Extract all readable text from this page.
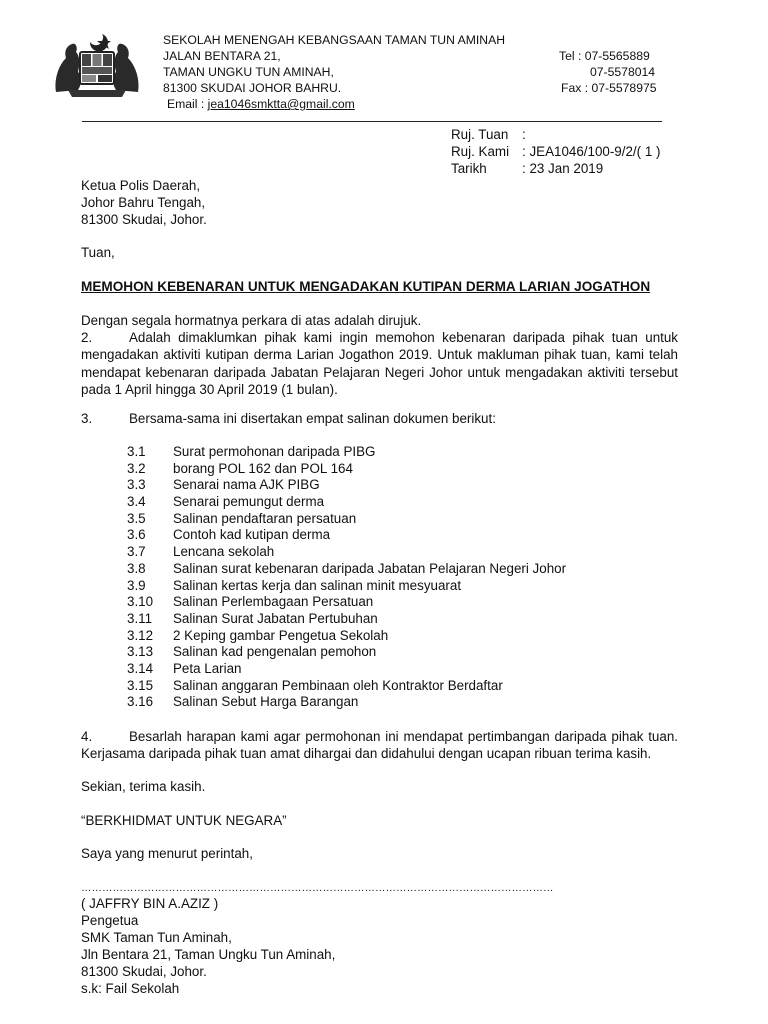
SEKOLAH MENENGAH KEBANGSAAN TAMAN TUN AMINAH
JALAN BENTARA 21,
TAMAN UNGKU TUN AMINAH,
81300 SKUDAI JOHOR BAHRU.
Email : jea1046smktta@gmail.com
Tel : 07-5565889
07-5578014
Fax : 07-5578975
Ruj. Tuan :
Ruj. Kami : JEA1046/100-9/2/( 1 )
Tarikh	: 23 Jan 2019
Ketua Polis Daerah,
Johor Bahru Tengah,
81300 Skudai, Johor.
Tuan,
MEMOHON KEBENARAN UNTUK MENGADAKAN KUTIPAN DERMA LARIAN JOGATHON
Dengan segala hormatnya perkara di atas adalah dirujuk.
2.	Adalah dimaklumkan pihak kami ingin memohon kebenaran daripada pihak tuan untuk mengadakan aktiviti kutipan derma Larian Jogathon 2019. Untuk makluman pihak tuan, kami telah mendapat kebenaran daripada Jabatan Pelajaran Negeri Johor untuk mengadakan aktiviti tersebut pada 1 April hingga 30 April 2019 (1 bulan).
3.	Bersama-sama ini disertakan empat salinan dokumen berikut:
3.1 Surat permohonan daripada PIBG
3.2 borang POL 162 dan POL 164
3.3 Senarai nama AJK PIBG
3.4 Senarai pemungut derma
3.5 Salinan pendaftaran persatuan
3.6 Contoh kad kutipan derma
3.7 Lencana sekolah
3.8 Salinan surat kebenaran daripada Jabatan Pelajaran Negeri Johor
3.9 Salinan kertas kerja dan salinan minit mesyuarat
3.10 Salinan Perlembagaan Persatuan
3.11 Salinan Surat Jabatan Pertubuhan
3.12 2 Keping gambar Pengetua Sekolah
3.13 Salinan kad pengenalan pemohon
3.14 Peta Larian
3.15 Salinan anggaran Pembinaan oleh Kontraktor Berdaftar
3.16 Salinan Sebut Harga Barangan
4.	Besarlah harapan kami agar permohonan ini mendapat pertimbangan daripada pihak tuan. Kerjasama daripada pihak tuan amat dihargai dan didahului dengan ucapan ribuan terima kasih.
Sekian, terima kasih.
“BERKHIDMAT UNTUK NEGARA”
Saya yang menurut perintah,
………………………………………………………………………………………………………………………
( JAFFRY BIN A.AZIZ )
Pengetua
SMK Taman Tun Aminah,
Jln Bentara 21, Taman Ungku Tun Aminah,
81300 Skudai, Johor.
s.k: Fail Sekolah
